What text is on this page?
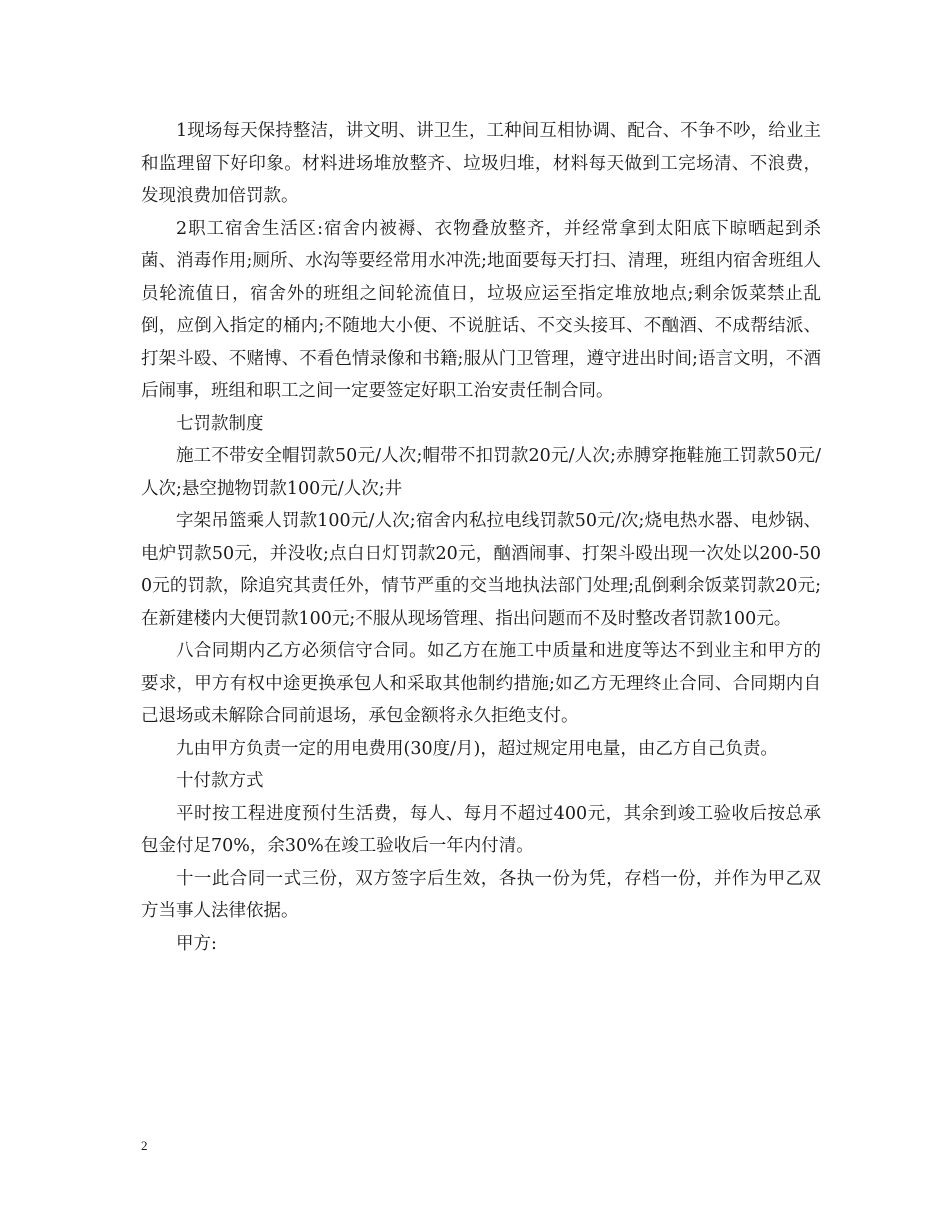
1现场每天保持整洁，讲文明、讲卫生，工种间互相协调、配合、不争不吵，给业主和监理留下好印象。材料进场堆放整齐、垃圾归堆，材料每天做到工完场清、不浪费，发现浪费加倍罚款。

2职工宿舍生活区:宿舍内被褥、衣物叠放整齐，并经常拿到太阳底下晾晒起到杀菌、消毒作用;厕所、水沟等要经常用水冲洗;地面要每天打扫、清理，班组内宿舍班组人员轮流值日，宿舍外的班组之间轮流值日，垃圾应运至指定堆放地点;剩余饭菜禁止乱倒，应倒入指定的桶内;不随地大小便、不说脏话、不交头接耳、不酗酒、不成帮结派、打架斗殴、不赌博、不看色情录像和书籍;服从门卫管理，遵守进出时间;语言文明，不酒后闹事，班组和职工之间一定要签定好职工治安责任制合同。

七罚款制度

施工不带安全帽罚款50元/人次;帽带不扣罚款20元/人次;赤膊穿拖鞋施工罚款50元/人次;悬空抛物罚款100元/人次;井

字架吊篮乘人罚款100元/人次;宿舍内私拉电线罚款50元/次;烧电热水器、电炒锅、电炉罚款50元，并没收;点白日灯罚款20元，酗酒闹事、打架斗殴出现一次处以200-500元的罚款，除追究其责任外，情节严重的交当地执法部门处理;乱倒剩余饭菜罚款20元;在新建楼内大便罚款100元;不服从现场管理、指出问题而不及时整改者罚款100元。

八合同期内乙方必须信守合同。如乙方在施工中质量和进度等达不到业主和甲方的要求，甲方有权中途更换承包人和采取其他制约措施;如乙方无理终止合同、合同期内自己退场或未解除合同前退场，承包金额将永久拒绝支付。

九由甲方负责一定的用电费用(30度/月)，超过规定用电量，由乙方自己负责。

十付款方式

平时按工程进度预付生活费，每人、每月不超过400元，其余到竣工验收后按总承包金付足70%，余30%在竣工验收后一年内付清。

十一此合同一式三份，双方签字后生效，各执一份为凭，存档一份，并作为甲乙双方当事人法律依据。

甲方:

2
